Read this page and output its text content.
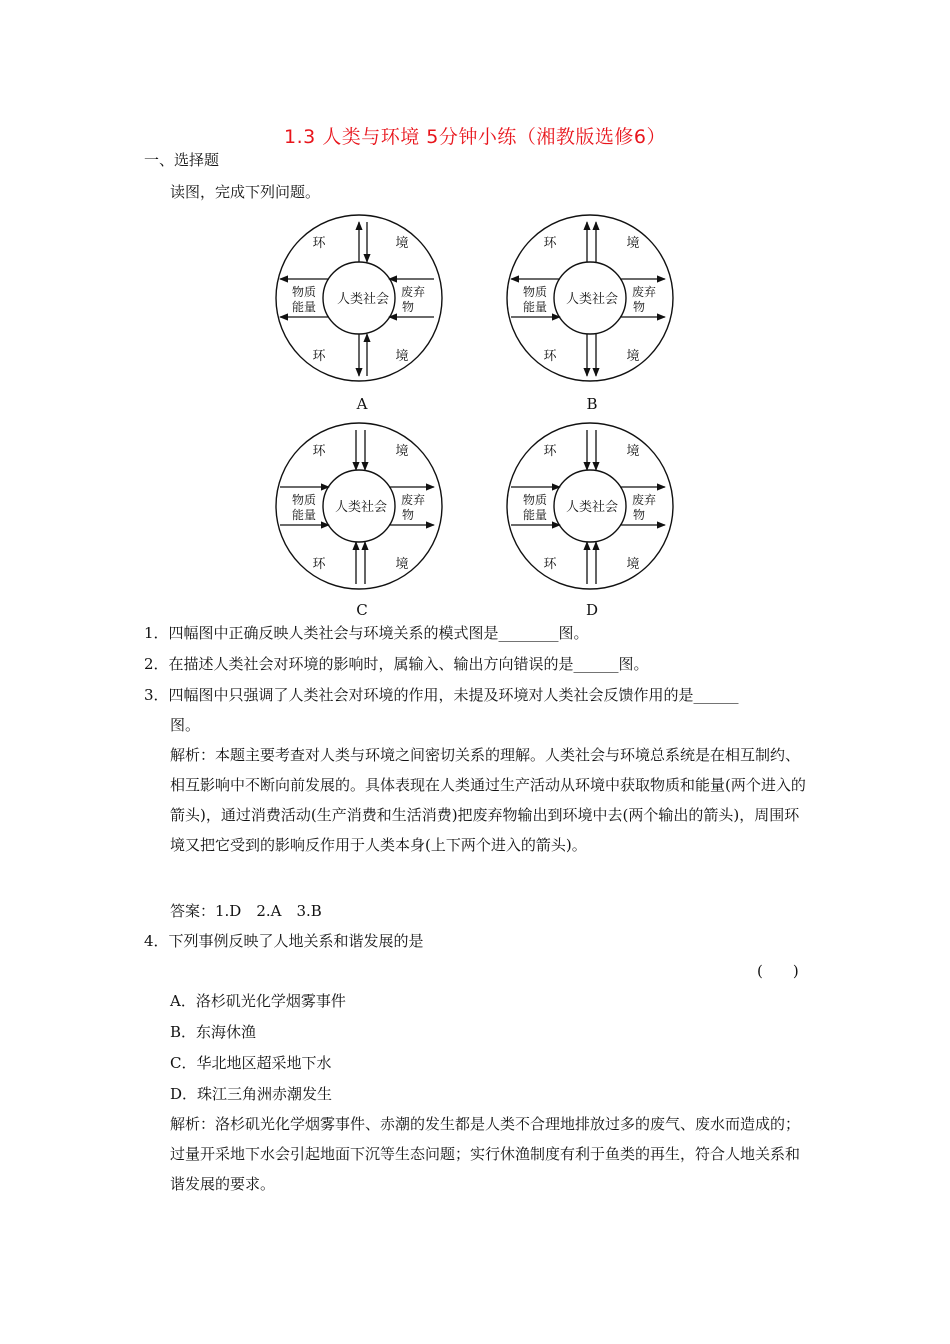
1.3 人类与环境 5分钟小练（湘教版选修6）
一、选择题
读图，完成下列问题。
环	境
环	境
人类社会
物质
能量
废弃
物
A
环	境
环	境
人类社会
物质
能量
废弃
物
B
环	境
环	境
人类社会
物质
能量
废弃
物
C
环	境
环	境
人类社会
物质
能量
废弃
物
D
1．四幅图中正确反映人类社会与环境关系的模式图是________图。
2．在描述人类社会对环境的影响时，属输入、输出方向错误的是______图。
3．四幅图中只强调了人类社会对环境的作用，未提及环境对人类社会反馈作用的是______
图。
解析：本题主要考查对人类与环境之间密切关系的理解。人类社会与环境总系统是在相互制约、相互影响中不断向前发展的。具体表现在人类通过生产活动从环境中获取物质和能量(两个进入的箭头)，通过消费活动(生产消费和生活消费)把废弃物输出到环境中去(两个输出的箭头)，周围环境又把它受到的影响反作用于人类本身(上下两个进入的箭头)。
答案：1.D　2.A　3.B
4．下列事例反映了人地关系和谐发展的是
(　　)
A．洛杉矶光化学烟雾事件
B．东海休渔
C．华北地区超采地下水
D．珠江三角洲赤潮发生
解析：洛杉矶光化学烟雾事件、赤潮的发生都是人类不合理地排放过多的废气、废水而造成的；过量开采地下水会引起地面下沉等生态问题；实行休渔制度有利于鱼类的再生，符合人地关系和谐发展的要求。
